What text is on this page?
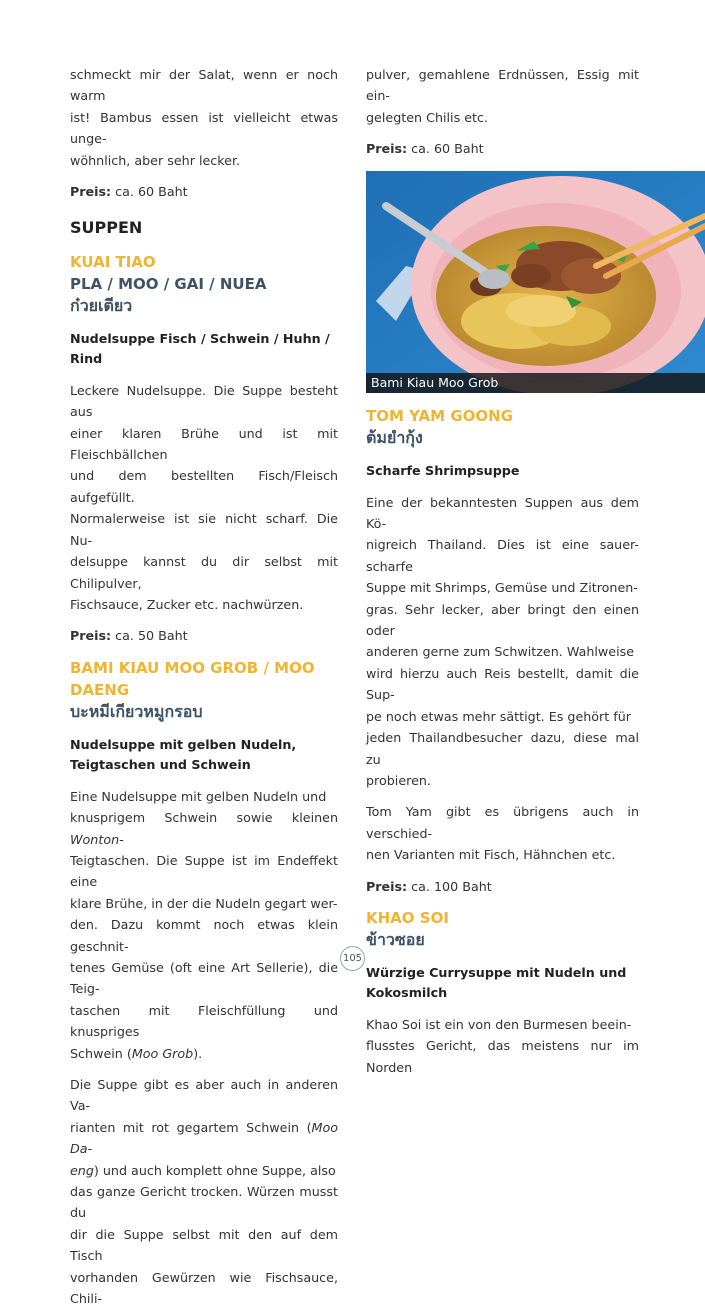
schmeckt mir der Salat, wenn er noch warm

ist! Bambus essen ist vielleicht etwas unge-

wöhnlich, aber sehr lecker.

Preis: ca. 60 Baht

SUPPEN
KUAI TIAO
PLA / MOO / GAI / NUEA
ก๋วยเตียว
Nudelsuppe Fisch / Schwein / Huhn / Rind

Leckere Nudelsuppe. Die Suppe besteht aus

einer klaren Brühe und ist mit Fleischbällchen

und dem bestellten Fisch/Fleisch aufgefüllt.

Normalerweise ist sie nicht scharf. Die Nu-

delsuppe kannst du dir selbst mit Chilipulver,

Fischsauce, Zucker etc. nachwürzen.

Preis: ca. 50 Baht

BAMI KIAU MOO GROB / MOO
DAENG
บะหมีเกียวหมูกรอบ
Nudelsuppe mit gelben Nudeln,
Teigtaschen und Schwein

Eine Nudelsuppe mit gelben Nudeln und

knusprigem Schwein sowie kleinen Wonton-

Teigtaschen. Die Suppe ist im Endeffekt eine

klare Brühe, in der die Nudeln gegart wer-

den. Dazu kommt noch etwas klein geschnit-

tenes Gemüse (oft eine Art Sellerie), die Teig-

taschen mit Fleischfüllung und knuspriges

Schwein (Moo Grob).

Die Suppe gibt es aber auch in anderen Va-

rianten mit rot gegartem Schwein (Moo Da-

eng) und auch komplett ohne Suppe, also

das ganze Gericht trocken. Würzen musst du

dir die Suppe selbst mit den auf dem Tisch

vorhanden Gewürzen wie Fischsauce, Chili-

pulver, gemahlene Erdnüssen, Essig mit ein-

gelegten Chilis etc.

Preis: ca. 60 Baht

Bami Kiau Moo Grob
TOM YAM GOONG
ต้มยำกุ้ง
Scharfe Shrimpsuppe

Eine der bekanntesten Suppen aus dem Kö-

nigreich Thailand. Dies ist eine sauer-scharfe

Suppe mit Shrimps, Gemüse und Zitronen-

gras. Sehr lecker, aber bringt den einen oder

anderen gerne zum Schwitzen. Wahlweise

wird hierzu auch Reis bestellt, damit die Sup-

pe noch etwas mehr sättigt. Es gehört für

jeden Thailandbesucher dazu, diese mal zu

probieren.

Tom Yam gibt es übrigens auch in verschied-

nen Varianten mit Fisch, Hähnchen etc.

Preis: ca. 100 Baht

KHAO SOI
ข้าวซอย
Würzige Currysuppe mit Nudeln und
Kokosmilch

Khao Soi ist ein von den Burmesen beein-

flusstes Gericht, das meistens nur im Norden

105
